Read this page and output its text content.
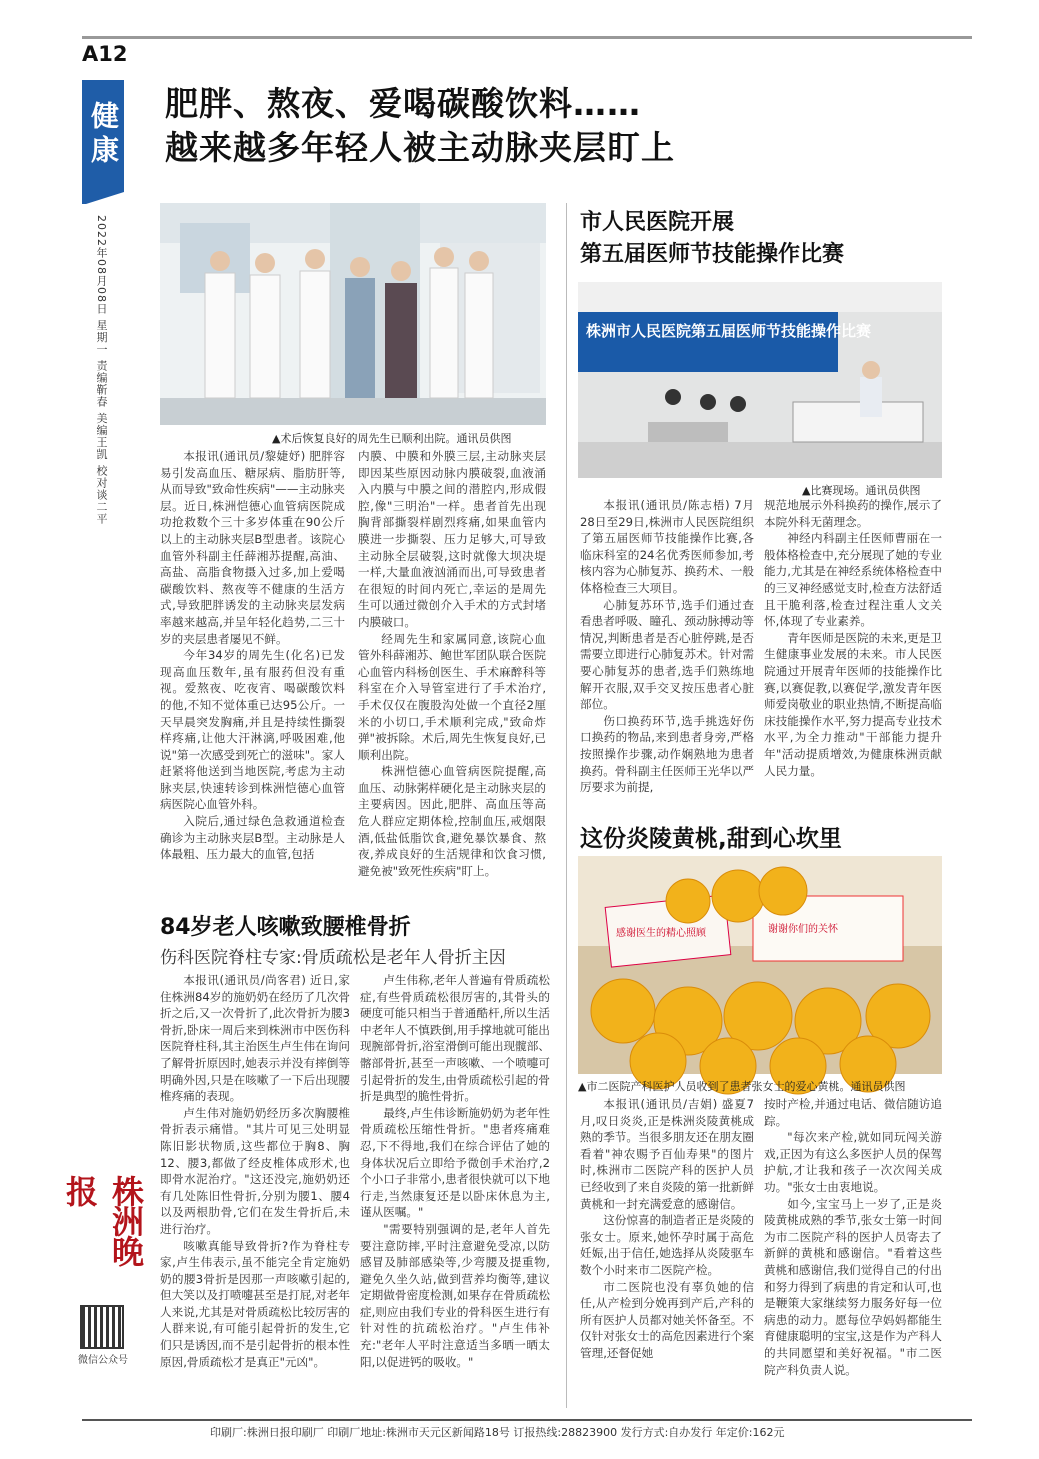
A12
健康
2022年08月08日 星期一 责编靳春 美编王凯 校对谈二平
肥胖、熬夜、爱喝碳酸饮料……
越来越多年轻人被主动脉夹层盯上
▲术后恢复良好的周先生已顺利出院。通讯员供图

本报讯(通讯员/黎婕妤) 肥胖容易引发高血压、糖尿病、脂肪肝等,从而导致"致命性疾病"——主动脉夹层。近日,株洲恺德心血管病医院成功抢救数个三十多岁体重在90公斤以上的主动脉夹层B型患者。该院心血管外科副主任薛湘苏提醒,高油、高盐、高脂食物摄入过多,加上爱喝碳酸饮料、熬夜等不健康的生活方式,导致肥胖诱发的主动脉夹层发病率越来越高,并呈年轻化趋势,二三十岁的夹层患者屡见不鲜。

今年34岁的周先生(化名)已发现高血压数年,虽有服药但没有重视。爱熬夜、吃夜宵、喝碳酸饮料的他,不知不觉体重已达95公斤。一天早晨突发胸痛,并且是持续性撕裂样疼痛,让他大汗淋漓,呼吸困难,他说"第一次感受到死亡的滋味"。家人赶紧将他送到当地医院,考虑为主动脉夹层,快速转诊到株洲恺德心血管病医院心血管外科。

入院后,通过绿色急救通道检查确诊为主动脉夹层B型。主动脉是人体最粗、压力最大的血管,包括

内膜、中膜和外膜三层,主动脉夹层即因某些原因动脉内膜破裂,血液涌入内膜与中膜之间的潜腔内,形成假腔,像"三明治"一样。患者首先出现胸背部撕裂样剧烈疼痛,如果血管内膜进一步撕裂、压力足够大,可导致主动脉全层破裂,这时就像大坝决堤一样,大量血液汹涌而出,可导致患者在很短的时间内死亡,幸运的是周先生可以通过微创介入手术的方式封堵内膜破口。

经周先生和家属同意,该院心血管外科薛湘苏、鲍世军团队联合医院心血管内科杨创医生、手术麻醉科等科室在介入导管室进行了手术治疗,手术仅仅在腹股沟处做一个直径2厘米的小切口,手术顺利完成,"致命炸弹"被拆除。术后,周先生恢复良好,已顺利出院。

株洲恺德心血管病医院提醒,高血压、动脉粥样硬化是主动脉夹层的主要病因。因此,肥胖、高血压等高危人群应定期体检,控制血压,戒烟限酒,低盐低脂饮食,避免暴饮暴食、熬夜,养成良好的生活规律和饮食习惯,避免被"致死性疾病"盯上。

市人民医院开展
第五届医师节技能操作比赛
株洲市人民医院第五届医师节技能操作比赛
▲比赛现场。通讯员供图

本报讯(通讯员/陈志梧) 7月28日至29日,株洲市人民医院组织了第五届医师节技能操作比赛,各临床科室的24名优秀医师参加,考核内容为心肺复苏、换药术、一般体格检查三大项目。

心肺复苏环节,选手们通过查看患者呼吸、瞳孔、颈动脉搏动等情况,判断患者是否心脏停跳,是否需要立即进行心肺复苏术。针对需要心肺复苏的患者,选手们熟练地解开衣服,双手交叉按压患者心脏部位。

伤口换药环节,选手挑选好伤口换药的物品,来到患者身旁,严格按照操作步骤,动作娴熟地为患者换药。骨科副主任医师王光华以严厉要求为前提,

规范地展示外科换药的操作,展示了本院外科无菌理念。

神经内科副主任医师曹丽在一般体格检查中,充分展现了她的专业能力,尤其是在神经系统体格检查中的三叉神经感觉支时,检查方法舒适且干脆利落,检查过程注重人文关怀,体现了专业素养。

青年医师是医院的未来,更是卫生健康事业发展的未来。市人民医院通过开展青年医师的技能操作比赛,以赛促教,以赛促学,激发青年医师爱岗敬业的职业热情,不断提高临床技能操作水平,努力提高专业技术水平,为全力推动"干部能力提升年"活动提质增效,为健康株洲贡献人民力量。

这份炎陵黄桃,甜到心坎里
感谢医生的精心照顾	谢谢你们的关怀
▲市二医院产科医护人员收到了患者张女士的爱心黄桃。通讯员供图

本报讯(通讯员/吉娟) 盛夏7月,叹日炎炎,正是株洲炎陵黄桃成熟的季节。当很多朋友还在朋友圈看着"神农赐予百仙寿果"的图片时,株洲市二医院产科的医护人员已经收到了来自炎陵的第一批新鲜黄桃和一封充满爱意的感谢信。

这份惊喜的制造者正是炎陵的张女士。原来,她怀孕时属于高危妊娠,出于信任,她选择从炎陵驱车数个小时来市二医院产检。

市二医院也没有辜负她的信任,从产检到分娩再到产后,产科的所有医护人员都对她关怀备至。不仅针对张女士的高危因素进行个案管理,还督促她

按时产检,并通过电话、微信随访追踪。

"每次来产检,就如同玩闯关游戏,正因为有这么多医护人员的保驾护航,才让我和孩子一次次闯关成功。"张女士由衷地说。

如今,宝宝马上一岁了,正是炎陵黄桃成熟的季节,张女士第一时间为市二医院产科的医护人员寄去了新鲜的黄桃和感谢信。"看着这些黄桃和感谢信,我们觉得自己的付出和努力得到了病患的肯定和认可,也是鞭策大家继续努力服务好每一位病患的动力。愿每位孕妈妈都能生育健康聪明的宝宝,这是作为产科人的共同愿望和美好祝福。"市二医院产科负责人说。

84岁老人咳嗽致腰椎骨折
伤科医院脊柱专家:骨质疏松是老年人骨折主因

本报讯(通讯员/尚客君) 近日,家住株洲84岁的施奶奶在经历了几次骨折之后,又一次骨折了,此次骨折为腰3骨折,卧床一周后来到株洲市中医伤科医院脊柱科,其主治医生卢生伟在询问了解骨折原因时,她表示并没有摔倒等明确外因,只是在咳嗽了一下后出现腰椎疼痛的表现。

卢生伟对施奶奶经历多次胸腰椎骨折表示痛惜。"其片可见三处明显陈旧影状物质,这些都位于胸8、胸12、腰3,都做了经皮椎体成形术,也即骨水泥治疗。"这还没完,施奶奶还有几处陈旧性骨折,分别为腰1、腰4以及两根肋骨,它们在发生骨折后,未进行治疗。

咳嗽真能导致骨折?作为脊柱专家,卢生伟表示,虽不能完全肯定施奶奶的腰3骨折是因那一声咳嗽引起的,但大笑以及打喷嚏甚至是打屁,对老年人来说,尤其是对骨质疏松比较厉害的人群来说,有可能引起骨折的发生,它们只是诱因,而不是引起骨折的根本性原因,骨质疏松才是真正"元凶"。

卢生伟称,老年人普遍有骨质疏松症,有些骨质疏松很厉害的,其骨头的硬度可能只相当于普通酷杆,所以生活中老年人不慎跌倒,用手撑地就可能出现腕部骨折,浴室滑倒可能出现髋部、髂部骨折,甚至一声咳嗽、一个喷嚏可引起骨折的发生,由骨质疏松引起的骨折是典型的脆性骨折。

最终,卢生伟诊断施奶奶为老年性骨质疏松压缩性骨折。"患者疼痛难忍,下不得地,我们在综合评估了她的身体状况后立即给予微创手术治疗,2个小口子非常小,患者很快就可以下地行走,当然康复还是以卧床休息为主,谨从医嘱。"

"需要特别强调的是,老年人首先要注意防摔,平时注意避免受凉,以防感冒及肺部感染等,少弯腰及提重物,避免久坐久站,做到营养均衡等,建议定期做骨密度检测,如果存在骨质疏松症,则应由我们专业的骨科医生进行有针对性的抗疏松治疗。"卢生伟补充:"老年人平时注意适当多晒一晒太阳,以促进钙的吸收。"

株洲晚报
微信公众号
印刷厂:株洲日报印刷厂 印刷厂地址:株洲市天元区新闻路18号 订报热线:28823900 发行方式:自办发行 年定价:162元
